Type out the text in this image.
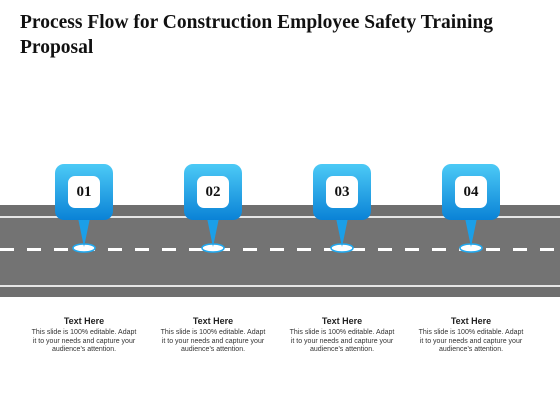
Process Flow for Construction Employee Safety Training Proposal
01	02	03	04
Text Here
This slide is 100% editable. Adapt it to your needs and capture your audience’s attention.
Text Here
This slide is 100% editable. Adapt it to your needs and capture your audience’s attention.
Text Here
This slide is 100% editable. Adapt it to your needs and capture your audience’s attention.
Text Here
This slide is 100% editable. Adapt it to your needs and capture your audience’s attention.
